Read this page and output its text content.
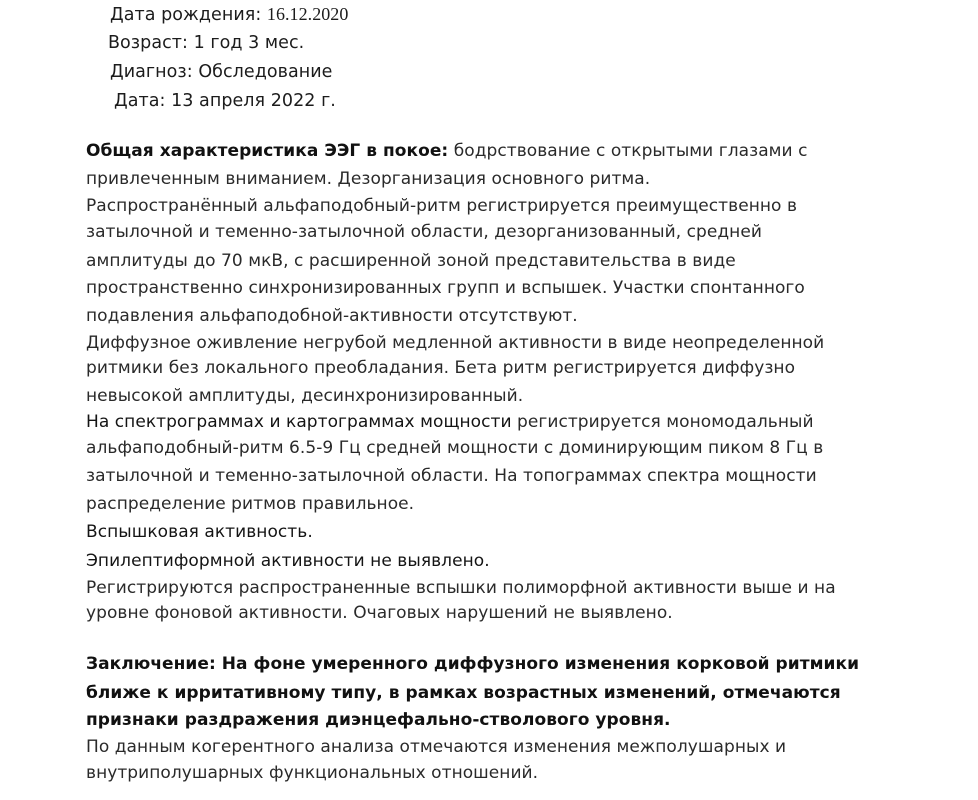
Дата рождения: 16.12.2020
Возраст: 1 год 3 мес.
Диагноз: Обследование
Дата: 13 апреля 2022 г.
Общая характеристика ЭЭГ в покое: бодрствование с открытыми глазами с
привлеченным вниманием. Дезорганизация основного ритма.
Распространённый альфаподобный-ритм регистрируется преимущественно в
затылочной и теменно-затылочной области, дезорганизованный, средней
амплитуды до 70 мкВ, с расширенной зоной представительства в виде
пространственно синхронизированных групп и вспышек. Участки спонтанного
подавления альфаподобной-активности отсутствуют.
Диффузное оживление негрубой медленной активности в виде неопределенной
ритмики без локального преобладания. Бета ритм регистрируется диффузно
невысокой амплитуды, десинхронизированный.
На спектрограммах и картограммах мощности регистрируется мономодальный
альфаподобный-ритм 6.5-9 Гц средней мощности с доминирующим пиком 8 Гц в
затылочной и теменно-затылочной области. На топограммах спектра мощности
распределение ритмов правильное.
Вспышковая активность.
Эпилептиформной активности не выявлено.
Регистрируются распространенные вспышки полиморфной активности выше и на
уровне фоновой активности. Очаговых нарушений не выявлено.
Заключение: На фоне умеренного диффузного изменения корковой ритмики
ближе к ирритативному типу, в рамках возрастных изменений, отмечаются
признаки раздражения диэнцефально-стволового уровня.
По данным когерентного анализа отмечаются изменения межполушарных и
внутриполушарных функциональных отношений.
